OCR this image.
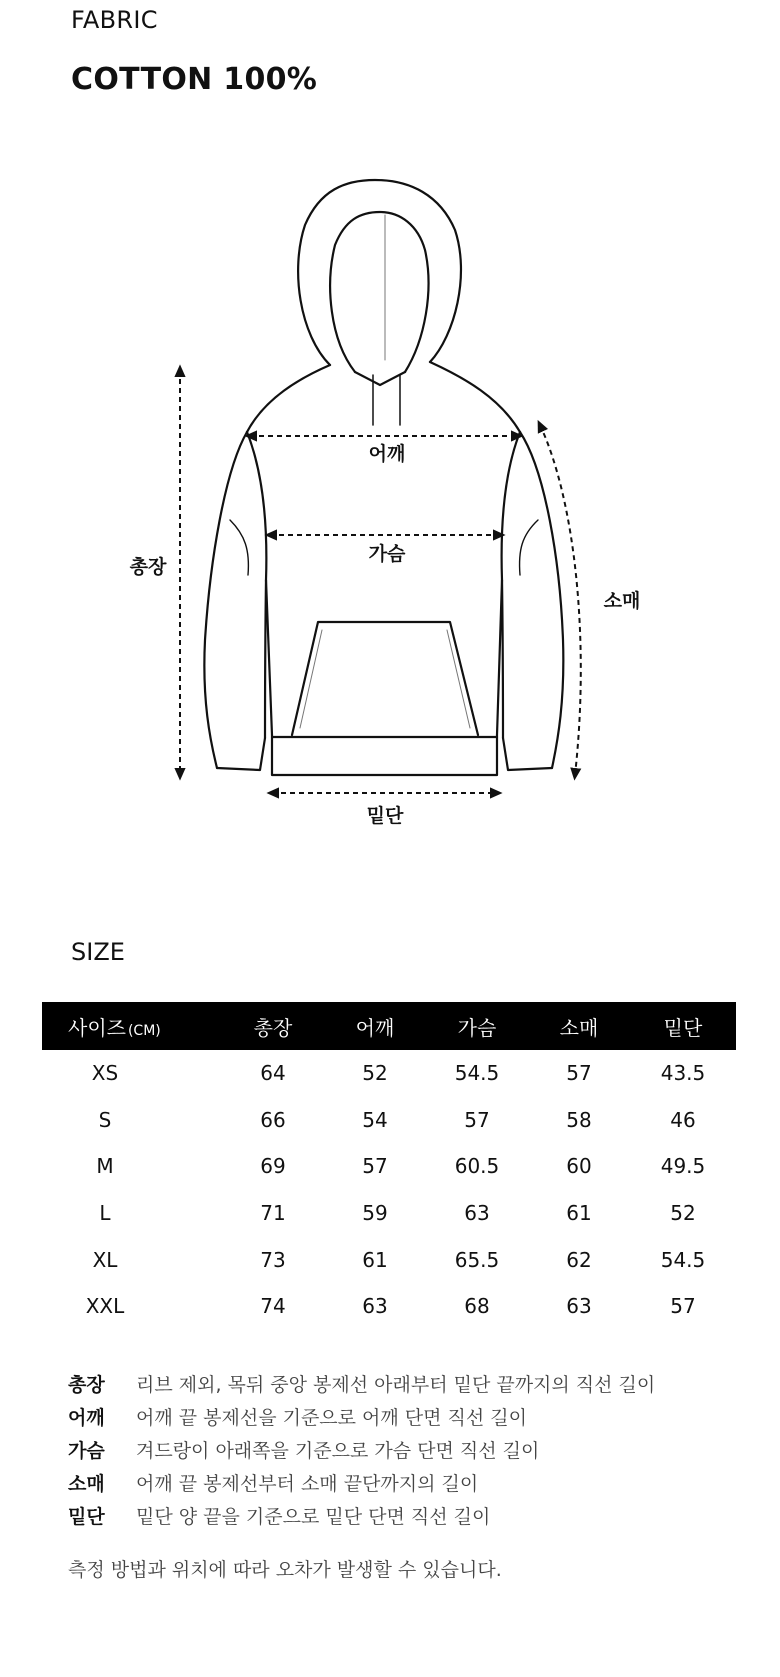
FABRIC
COTTON 100%
총장
어깨
가슴
소매
밑단
SIZE
사이즈 (CM)	총장	어깨	가슴	소매	밑단
XS	64	52	54.5	57	43.5
S	66	54	57	58	46
M	69	57	60.5	60	49.5
L	71	59	63	61	52
XL	73	61	65.5	62	54.5
XXL	74	63	68	63	57
총장	리브 제외, 목뒤 중앙 봉제선 아래부터 밑단 끝까지의 직선 길이
어깨	어깨 끝 봉제선을 기준으로 어깨 단면 직선 길이
가슴	겨드랑이 아래쪽을 기준으로 가슴 단면 직선 길이
소매	어깨 끝 봉제선부터 소매 끝단까지의 길이
밑단	밑단 양 끝을 기준으로 밑단 단면 직선 길이
측정 방법과 위치에 따라 오차가 발생할 수 있습니다.
